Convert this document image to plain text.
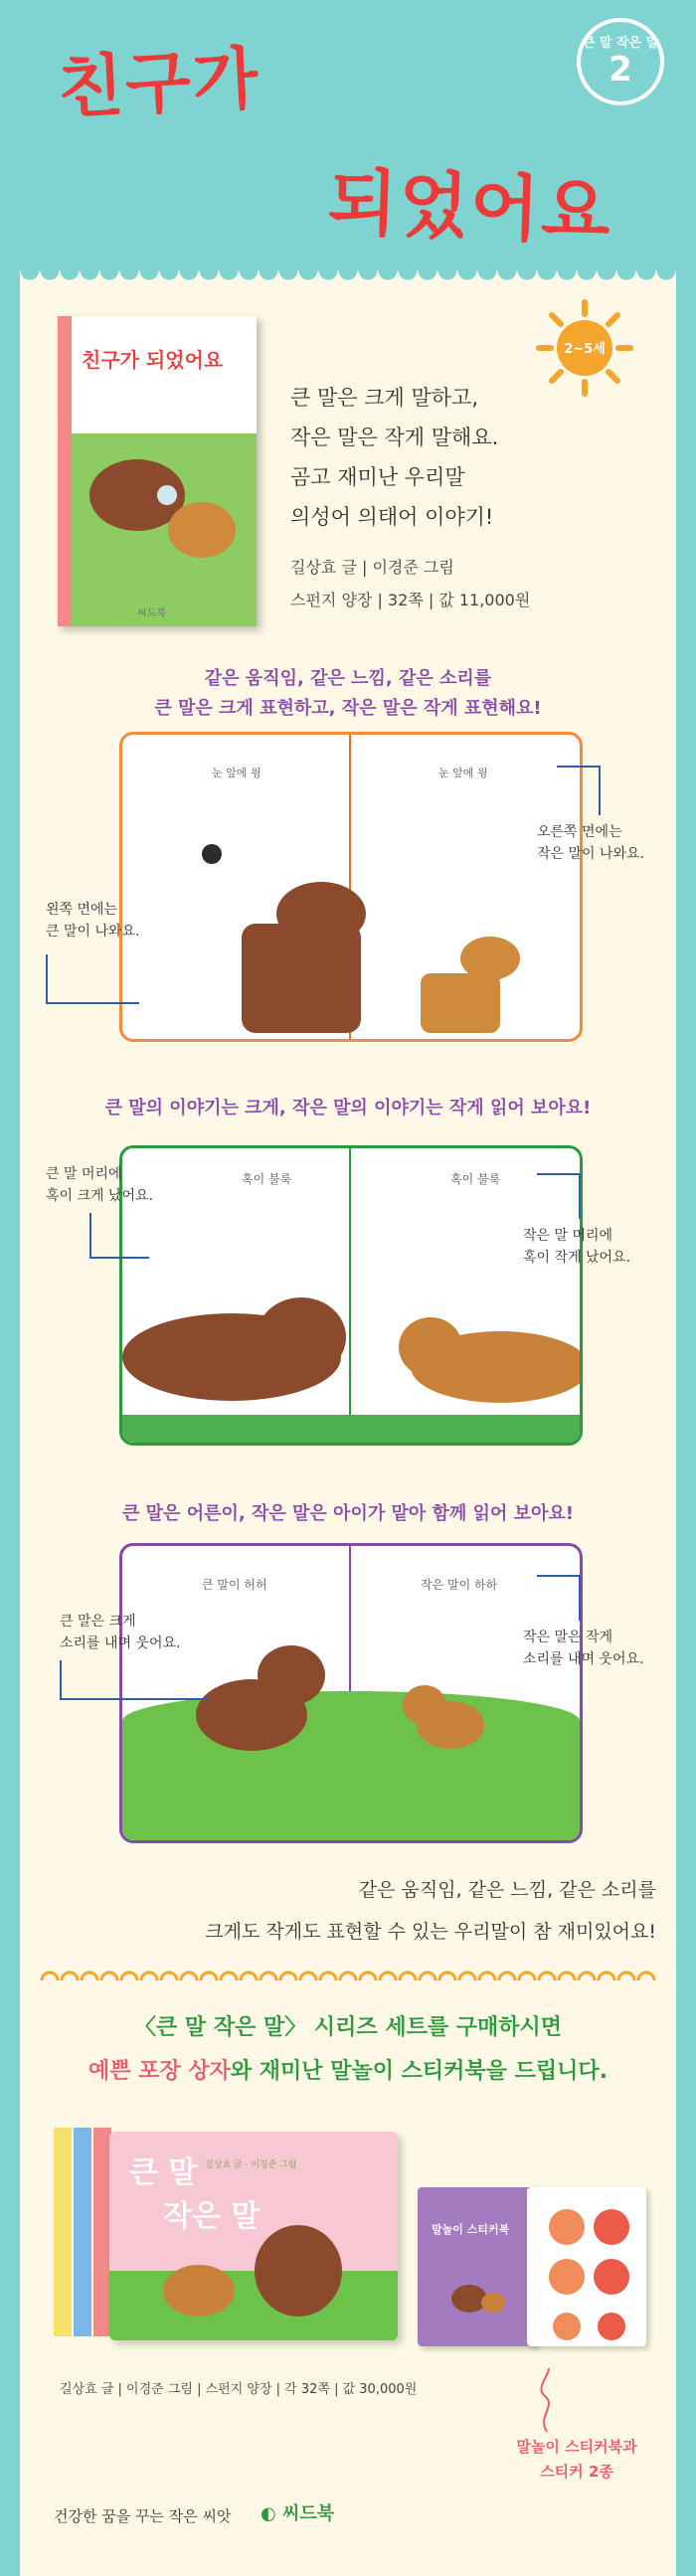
친구가
되었어요
큰 말 작은 말
2
친구가 되었어요
씨드북
2~5세
큰 말은 크게 말하고,
작은 말은 작게 말해요.
곰고 재미난 우리말
의성어 의태어 이야기!
길상효 글 | 이경준 그림
스펀지 양장 | 32쪽 | 값 11,000원
같은 움직임, 같은 느낌, 같은 소리를
큰 말은 크게 표현하고, 작은 말은 작게 표현해요!
눈 앞에 윙	눈 앞에 윙
왼쪽 면에는
큰 말이 나와요.
오른쪽 면에는
작은 말이 나와요.
큰 말의 이야기는 크게, 작은 말의 이야기는 작게 읽어 보아요!
혹이 불룩	혹이 불룩
큰 말 머리에
혹이 크게 났어요.
작은 말 머리에
혹이 작게 났어요.
큰 말은 어른이, 작은 말은 아이가 맡아 함께 읽어 보아요!
큰 말이 허허	작은 말이 하하
큰 말은 크게
소리를 내며 웃어요.	작은 말은 작게
소리를 내며 웃어요.
같은 움직임, 같은 느낌, 같은 소리를
크게도 작게도 표현할 수 있는 우리말이 참 재미있어요!
〈큰 말 작은 말〉 시리즈 세트를 구매하시면
예쁜 포장 상자와 재미난 말놀이 스티커북을 드립니다.
큰 말
작은 말
길상효 글 · 이경준 그림
말놀이 스티커북
길상효 글 | 이경준 그림 | 스펀지 양장 | 각 32쪽 | 값 30,000원
말놀이 스티커북과
스티커 2종
건강한 꿈을 꾸는 작은 씨앗 ◐ 씨드북
